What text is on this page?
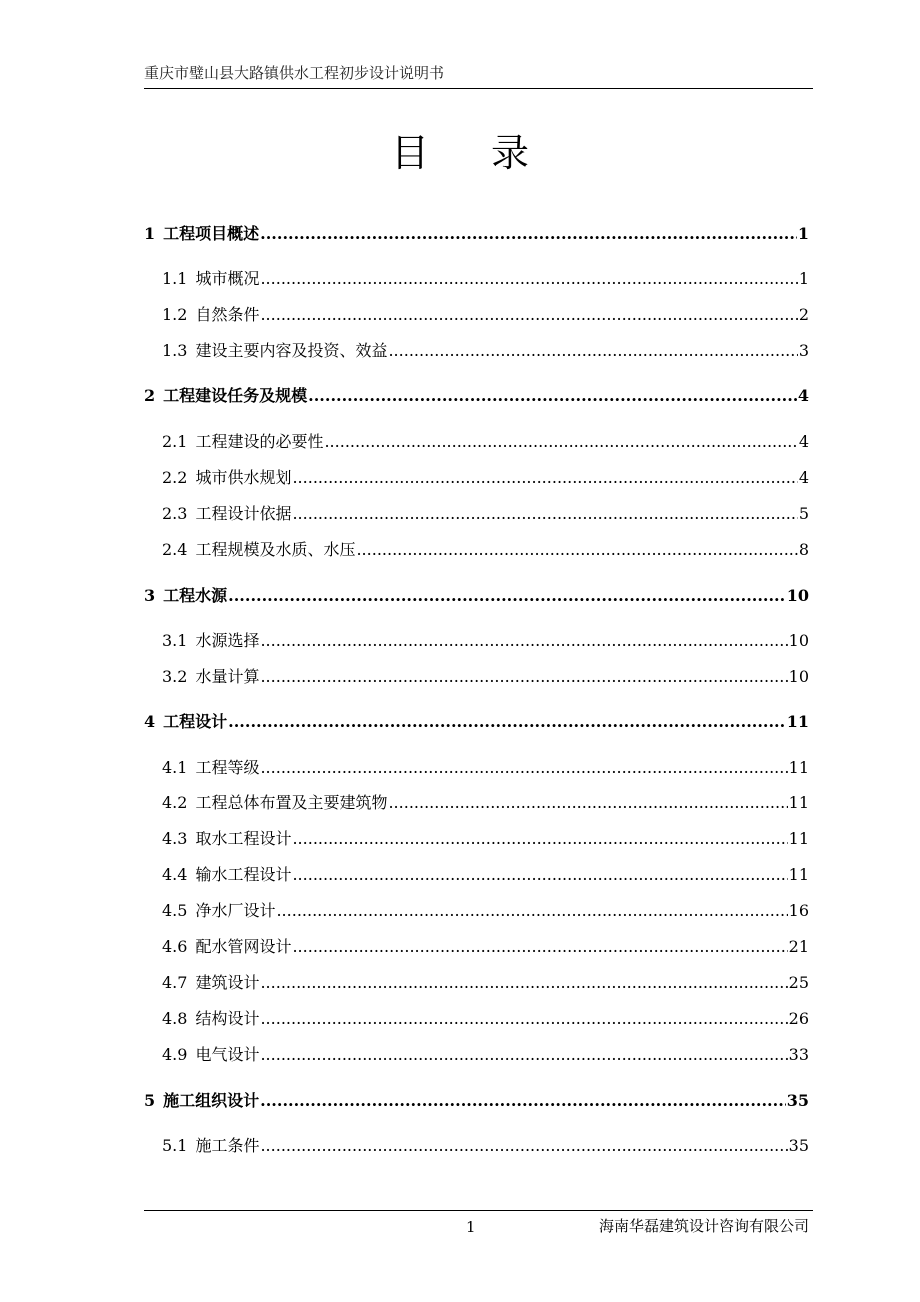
重庆市璧山县大路镇供水工程初步设计说明书
目录
1 工程项目概述 .....	1
1.1 城市概况 .....	1
1.2 自然条件 .....	2
1.3 建设主要内容及投资、效益 .....	3
2 工程建设任务及规模 .....	4
2.1 工程建设的必要性 .....	4
2.2 城市供水规划 .....	4
2.3 工程设计依据 .....	5
2.4 工程规模及水质、水压 .....	8
3 工程水源 .....	10
3.1 水源选择 .....	10
3.2 水量计算 .....	10
4 工程设计 .....	11
4.1 工程等级 .....	11
4.2 工程总体布置及主要建筑物 .....	11
4.3 取水工程设计 .....	11
4.4 输水工程设计 .....	11
4.5 净水厂设计 .....	16
4.6 配水管网设计 .....	21
4.7 建筑设计 .....	25
4.8 结构设计 .....	26
4.9 电气设计 .....	33
5 施工组织设计 .....	35
5.1 施工条件 .....	35
1	海南华磊建筑设计咨询有限公司
